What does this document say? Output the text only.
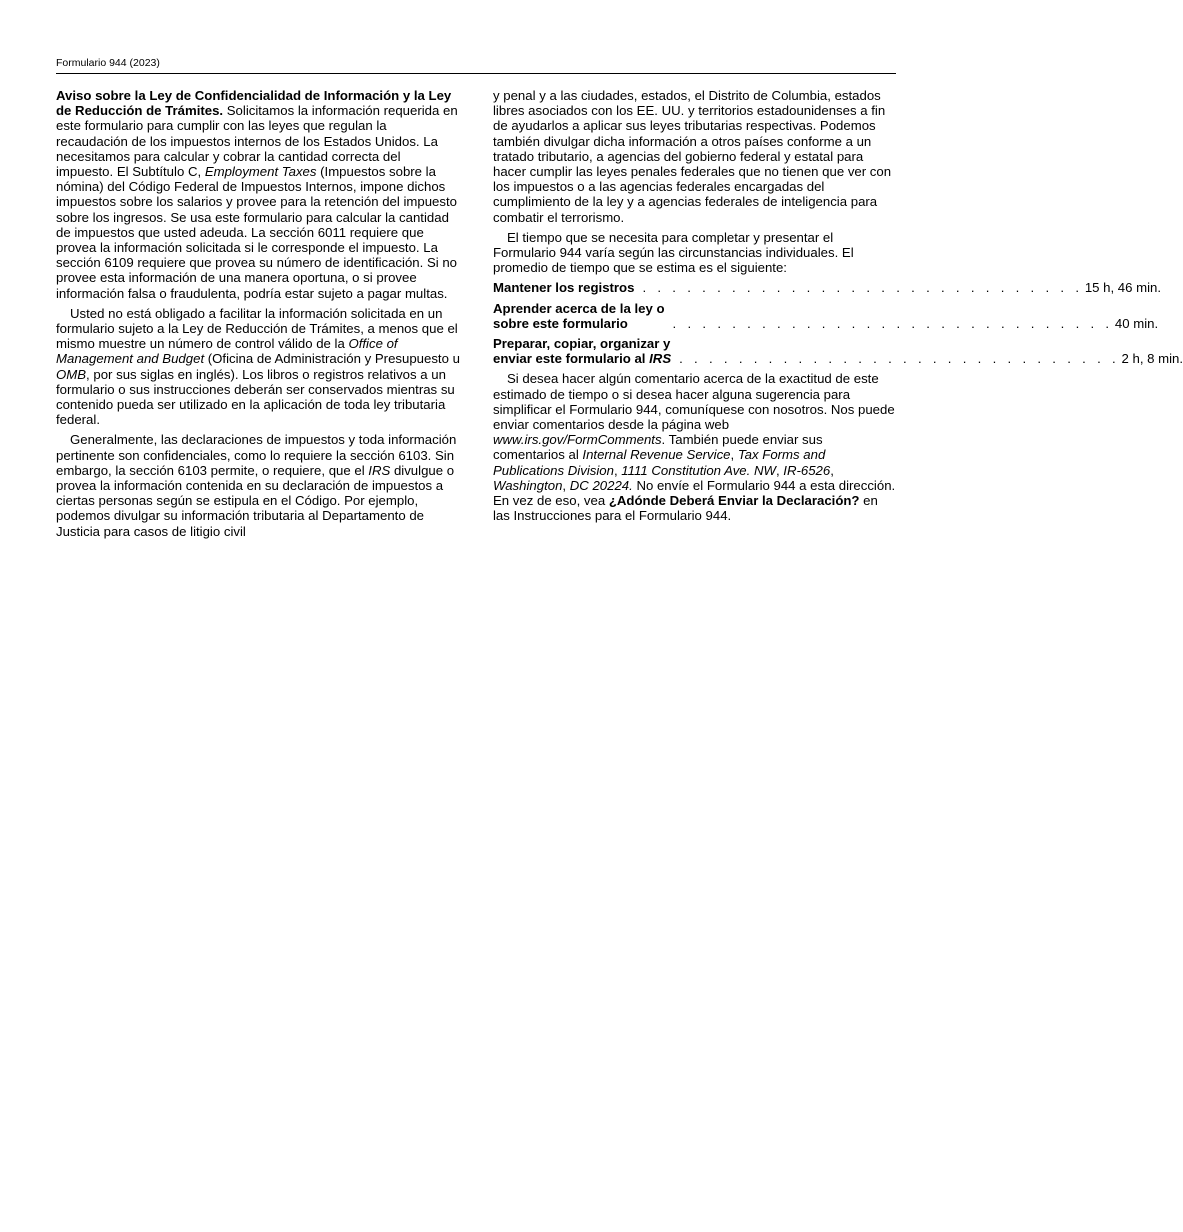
Formulario 944 (2023)

Aviso sobre la Ley de Confidencialidad de Información y la Ley de Reducción de Trámites. Solicitamos la información requerida en este formulario para cumplir con las leyes que regulan la recaudación de los impuestos internos de los Estados Unidos. La necesitamos para calcular y cobrar la cantidad correcta del impuesto. El Subtítulo C, Employment Taxes (Impuestos sobre la nómina) del Código Federal de Impuestos Internos, impone dichos impuestos sobre los salarios y provee para la retención del impuesto sobre los ingresos. Se usa este formulario para calcular la cantidad de impuestos que usted adeuda. La sección 6011 requiere que provea la información solicitada si le corresponde el impuesto. La sección 6109 requiere que provea su número de identificación. Si no provee esta información de una manera oportuna, o si provee información falsa o fraudulenta, podría estar sujeto a pagar multas.

Usted no está obligado a facilitar la información solicitada en un formulario sujeto a la Ley de Reducción de Trámites, a menos que el mismo muestre un número de control válido de la Office of Management and Budget (Oficina de Administración y Presupuesto u OMB, por sus siglas en inglés). Los libros o registros relativos a un formulario o sus instrucciones deberán ser conservados mientras su contenido pueda ser utilizado en la aplicación de toda ley tributaria federal.

Generalmente, las declaraciones de impuestos y toda información pertinente son confidenciales, como lo requiere la sección 6103. Sin embargo, la sección 6103 permite, o requiere, que el IRS divulgue o provea la información contenida en su declaración de impuestos a ciertas personas según se estipula en el Código. Por ejemplo, podemos divulgar su información tributaria al Departamento de Justicia para casos de litigio civil

y penal y a las ciudades, estados, el Distrito de Columbia, estados libres asociados con los EE. UU. y territorios estadounidenses a fin de ayudarlos a aplicar sus leyes tributarias respectivas. Podemos también divulgar dicha información a otros países conforme a un tratado tributario, a agencias del gobierno federal y estatal para hacer cumplir las leyes penales federales que no tienen que ver con los impuestos o a las agencias federales encargadas del cumplimiento de la ley y a agencias federales de inteligencia para combatir el terrorismo.

El tiempo que se necesita para completar y presentar el Formulario 944 varía según las circunstancias individuales. El promedio de tiempo que se estima es el siguiente:

Mantener los registros . . . . . . . . . . . . . . . . . . . . . . . . . . . . . . 15 h, 46 min.
Aprender acerca de la ley o
sobre este formulario	. . . . . . . . . . . . . . . . . . . . . . . . . . . . . . 40 min.
Preparar, copiar, organizar y
enviar este formulario al IRS . . . . . . . . . . . . . . . . . . . . . . . . . . . . . . 2 h, 8 min.

Si desea hacer algún comentario acerca de la exactitud de este estimado de tiempo o si desea hacer alguna sugerencia para simplificar el Formulario 944, comuníquese con nosotros. Nos puede enviar comentarios desde la página web www.irs.gov/FormComments. También puede enviar sus comentarios al Internal Revenue Service, Tax Forms and Publications Division, 1111 Constitution Ave. NW, IR-6526, Washington, DC 20224. No envíe el Formulario 944 a esta dirección. En vez de eso, vea ¿Adónde Deberá Enviar la Declaración? en las Instrucciones para el Formulario 944.
